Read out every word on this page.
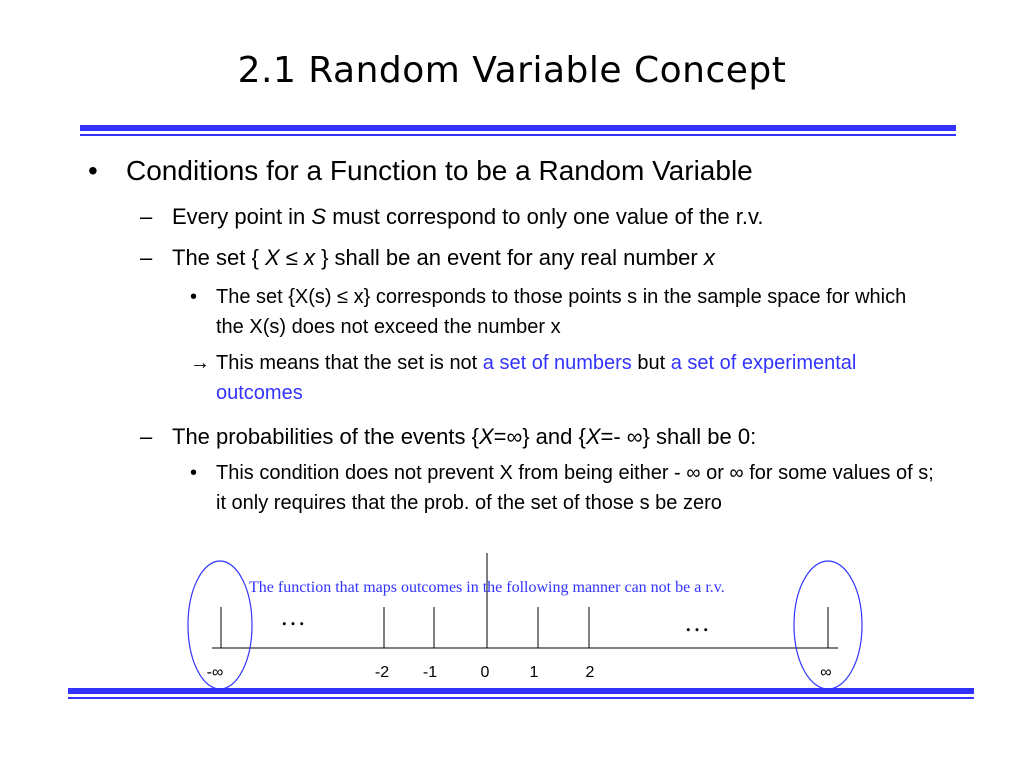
2.1 Random Variable Concept
• Conditions for a Function to be a Random Variable
– Every point in S must correspond to only one value of the r.v.
– The set { X ≤ x } shall be an event for any real number x
• The set {X(s) ≤ x} corresponds to those points s in the sample space for which the X(s) does not exceed the number x
→ This means that the set is not a set of numbers but a set of experimental outcomes
– The probabilities of the events {X=∞} and {X=- ∞} shall be 0:
• This condition does not prevent X from being either - ∞ or ∞ for some values of s; it only requires that the prob. of the set of those s be zero
The function that maps outcomes in the following manner can not be a r.v.
…	…
-∞	-2 -1	0	1	2	∞
